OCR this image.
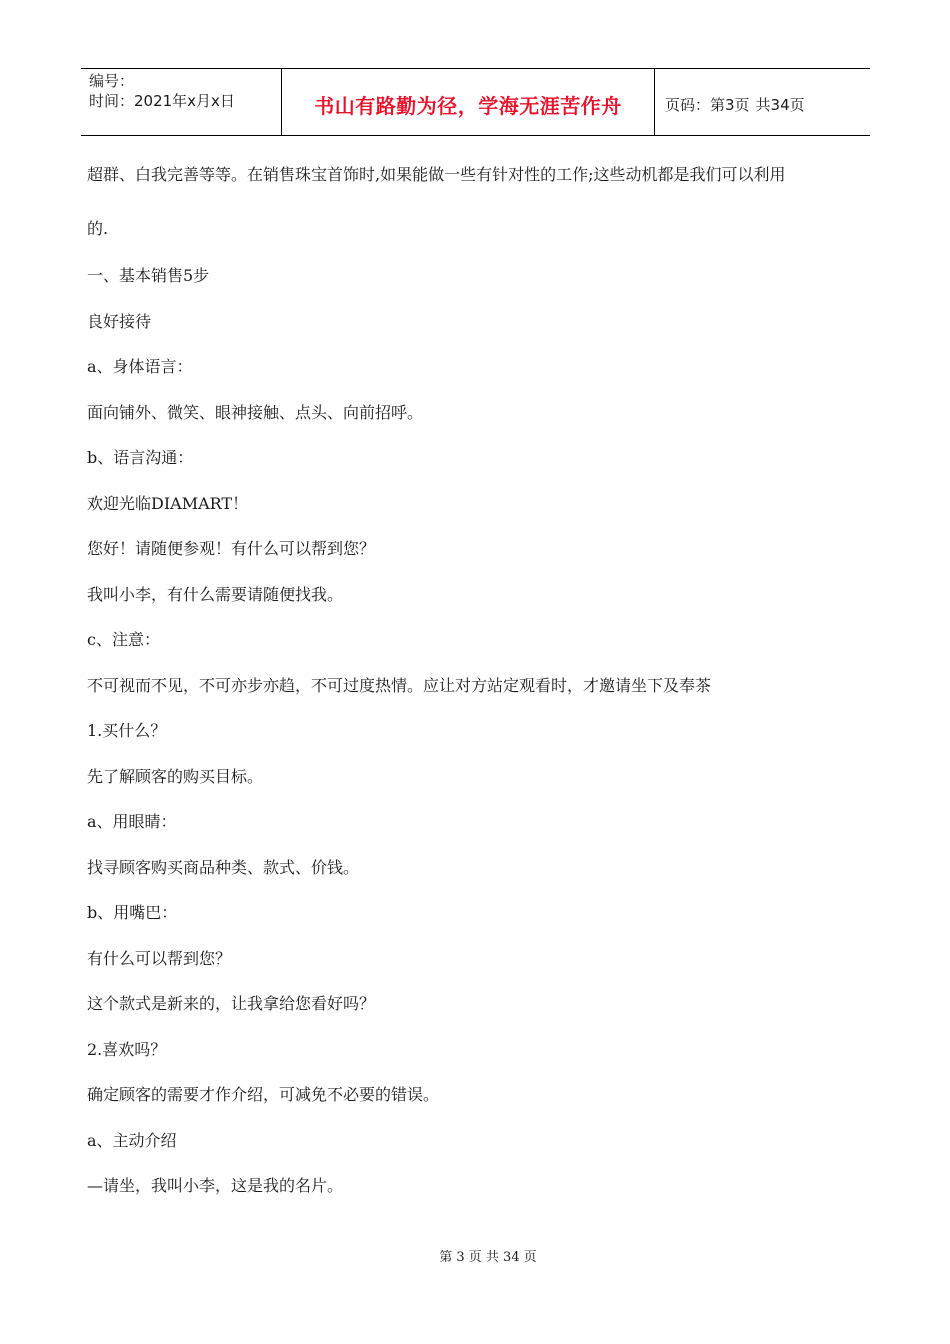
编号：
时间：2021年x月x日	书山有路勤为径，学海无涯苦作舟	页码：第3页 共34页
超群、白我完善等等。在销售珠宝首饰时,如果能做一些有针对性的工作;这些动机都是我们可以利用
的.
一、基本销售5步
良好接待
a、身体语言：
面向铺外、微笑、眼神接触、点头、向前招呼。
b、语言沟通：
欢迎光临DIAMART！
您好！请随便参观！有什么可以帮到您？
我叫小李，有什么需要请随便找我。
c、注意：
不可视而不见，不可亦步亦趋，不可过度热情。应让对方站定观看时，才邀请坐下及奉茶
1.买什么？
先了解顾客的购买目标。
a、用眼睛：
找寻顾客购买商品种类、款式、价钱。
b、用嘴巴：
有什么可以帮到您？
这个款式是新来的，让我拿给您看好吗？
2.喜欢吗？
确定顾客的需要才作介绍，可减免不必要的错误。
a、主动介绍
—请坐，我叫小李，这是我的名片。
第 3 页 共 34 页
